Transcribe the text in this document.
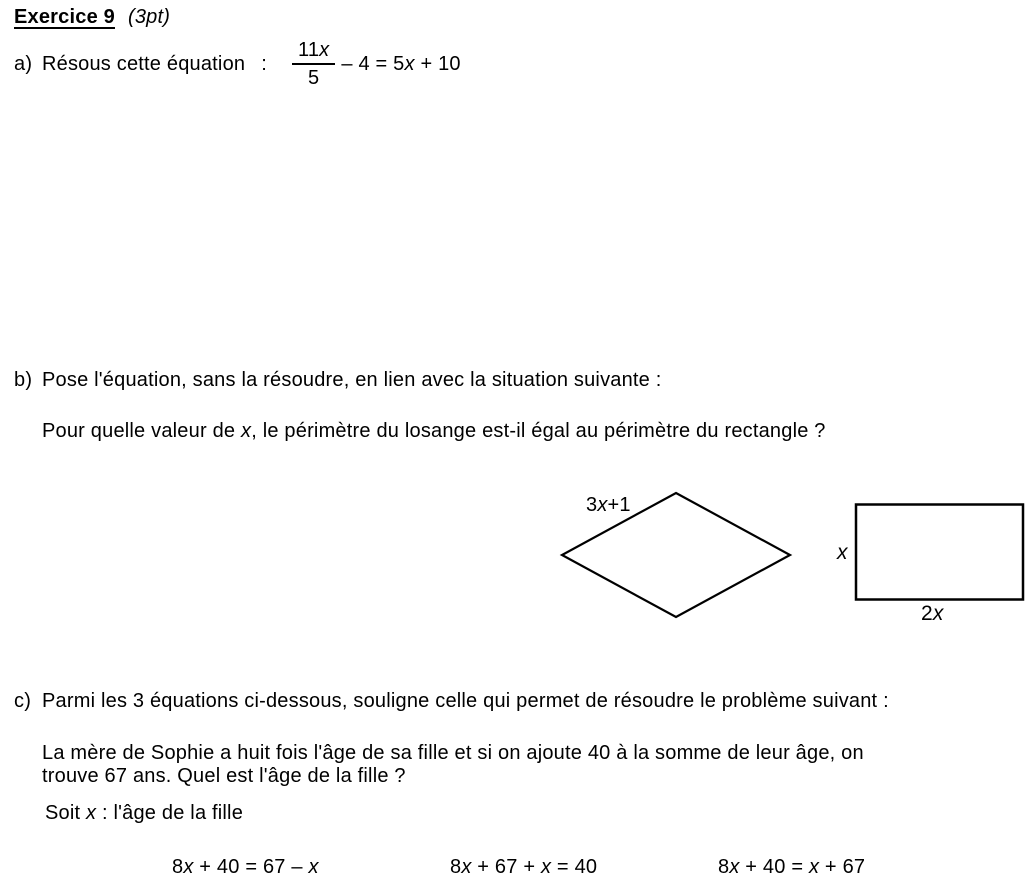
Exercice 9 (3pt)
a) Résous cette équation : $\frac{11x}{5} - 4 = 5x + 10$
b) Pose l'équation, sans la résoudre, en lien avec la situation suivante :
Pour quelle valeur de x, le périmètre du losange est-il égal au périmètre du rectangle ?
3x+1
x
2x
c) Parmi les 3 équations ci-dessous, souligne celle qui permet de résoudre le problème suivant :
La mère de Sophie a huit fois l'âge de sa fille et si on ajoute 40 à la somme de leur âge, on
trouve 67 ans. Quel est l'âge de la fille ?
Soit x : l'âge de la fille
8x + 40 = 67 – x	8x + 67 + x = 40	8x + 40 = x + 67
